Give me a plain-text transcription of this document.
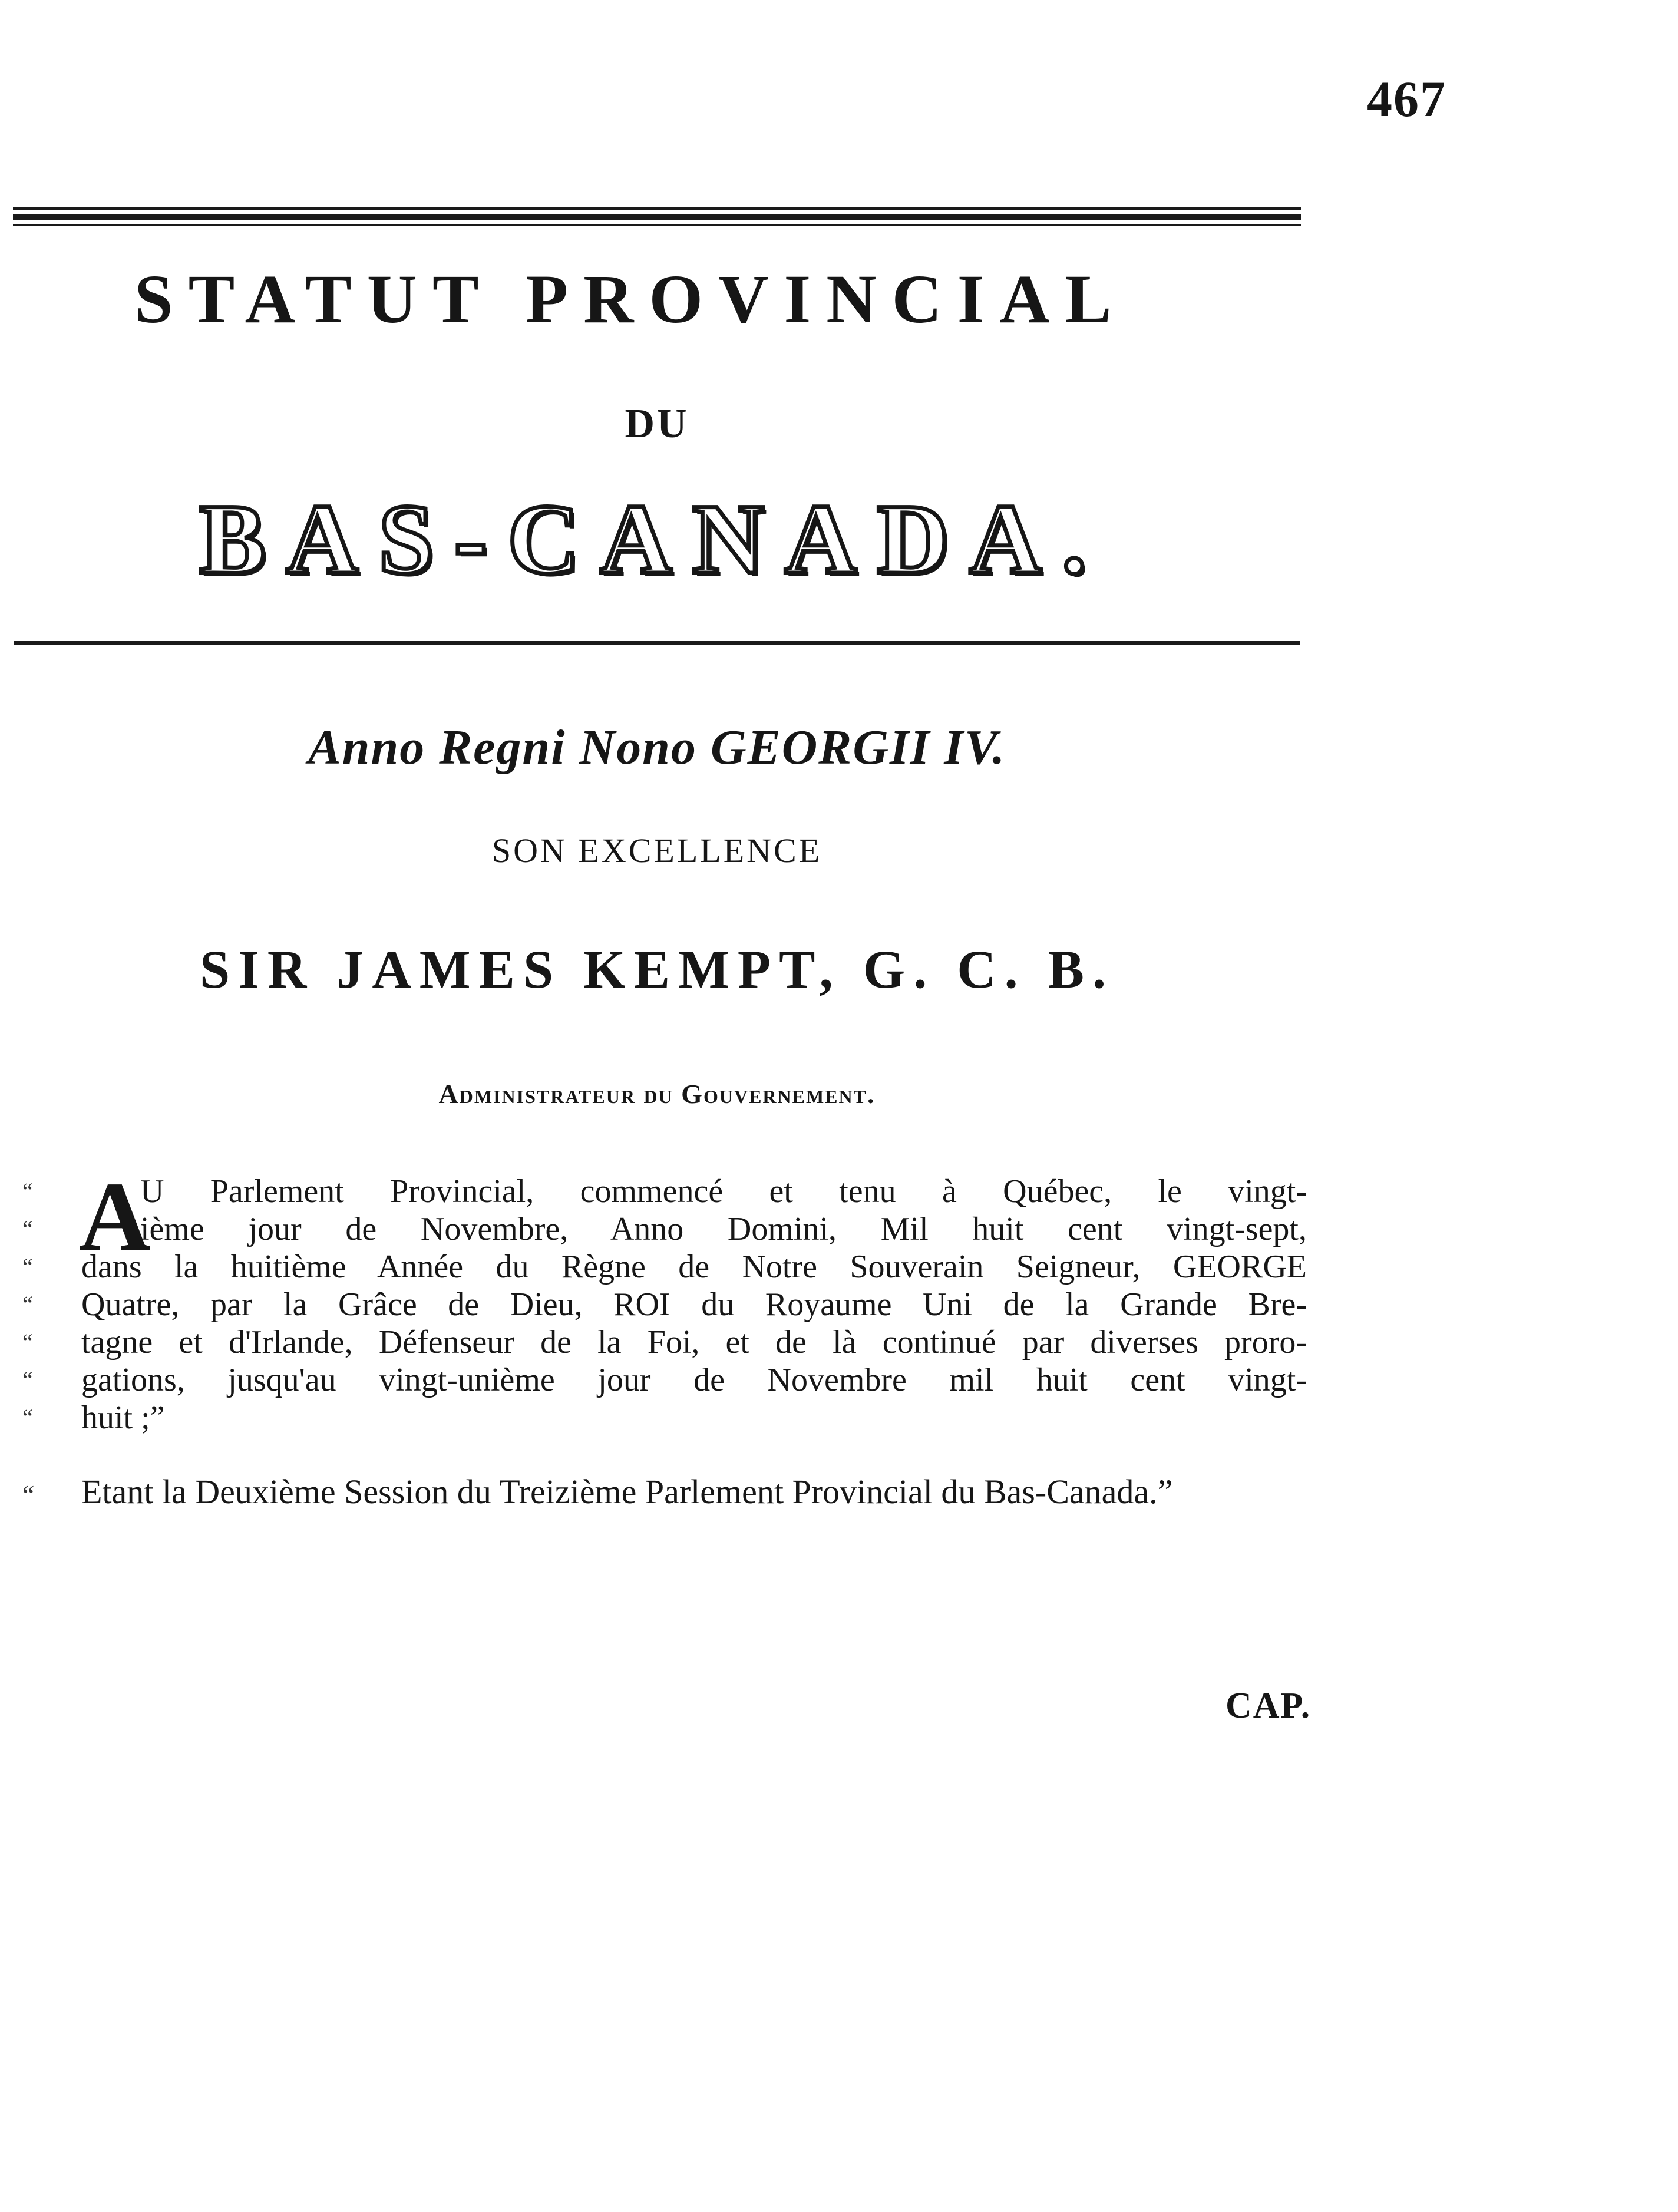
467
STATUT PROVINCIAL
DU
BAS-CANADA.
Anno Regni Nono GEORGII IV.
SON EXCELLENCE
SIR JAMES KEMPT, G. C. B.
Administrateur du Gouvernement.
“ A
U Parlement Provincial, commencé et tenu à Québec, le vingt-
“	ième jour de Novembre, Anno Domini, Mil huit cent vingt-sept,
“ dans la huitième Année du Règne de Notre Souverain Seigneur, GEORGE
“ Quatre, par la Grâce de Dieu, ROI du Royaume Uni de la Grande Bre-
“ tagne et d'Irlande, Défenseur de la Foi, et de là continué par diverses proro-
“ gations, jusqu'au vingt-unième jour de Novembre mil huit cent vingt-
“ huit ;”
“ Etant la Deuxième Session du Treizième Parlement Provincial du Bas-Canada.”
CAP.
